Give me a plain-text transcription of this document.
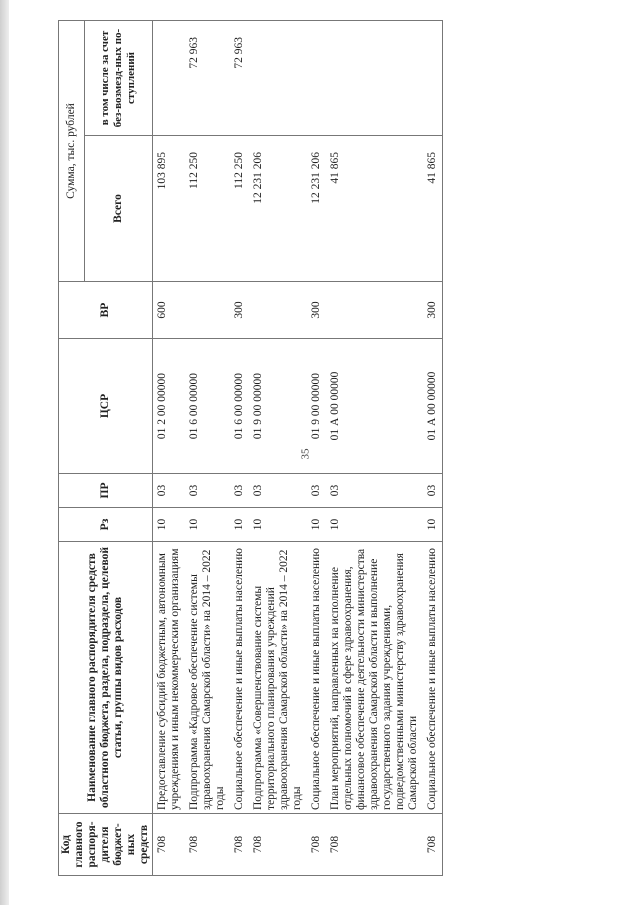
35
Код главного распоря-дителя бюджет-ных средств	Наименование главного распорядителя средств областного бюджета, раздела, подраздела, целевой статьи, группы видов расходов	Рз	ПР	ЦСР	ВР	Сумма, тыс. рублей	
						Всего	в том числе за счет без-возмезд-ных по-ступлений
708	Предоставление субсидий бюджетным, автономным учреждениям и иным некоммерческим организациям	10	03	01 2 00 00000	600	103 895	
708	Подпрограмма «Кадровое обеспечение системы здравоохранения Самарской области» на 2014 – 2022 годы	10	03	01 6 00 00000		112 250	72 963
708	Социальное обеспечение и иные выплаты населению	10	03	01 6 00 00000	300	112 250	72 963
708	Подпрограмма «Совершенствование системы территориального планирования учреждений здравоохранения Самарской области» на 2014 – 2022 годы	10	03	01 9 00 00000		12 231 206	
708	Социальное обеспечение и иные выплаты населению	10	03	01 9 00 00000	300	12 231 206	
708	План мероприятий, направленных на исполнение отдельных полномочий в сфере здравоохранения, финансовое обеспечение деятельности министерства здравоохранения Самарской области и выполнение государственного задания учреждениями, подведомственными министерству здравоохранения Самарской области	10	03	01 А 00 00000		41 865	
708	Социальное обеспечение и иные выплаты населению	10	03	01 А 00 00000	300	41 865	
